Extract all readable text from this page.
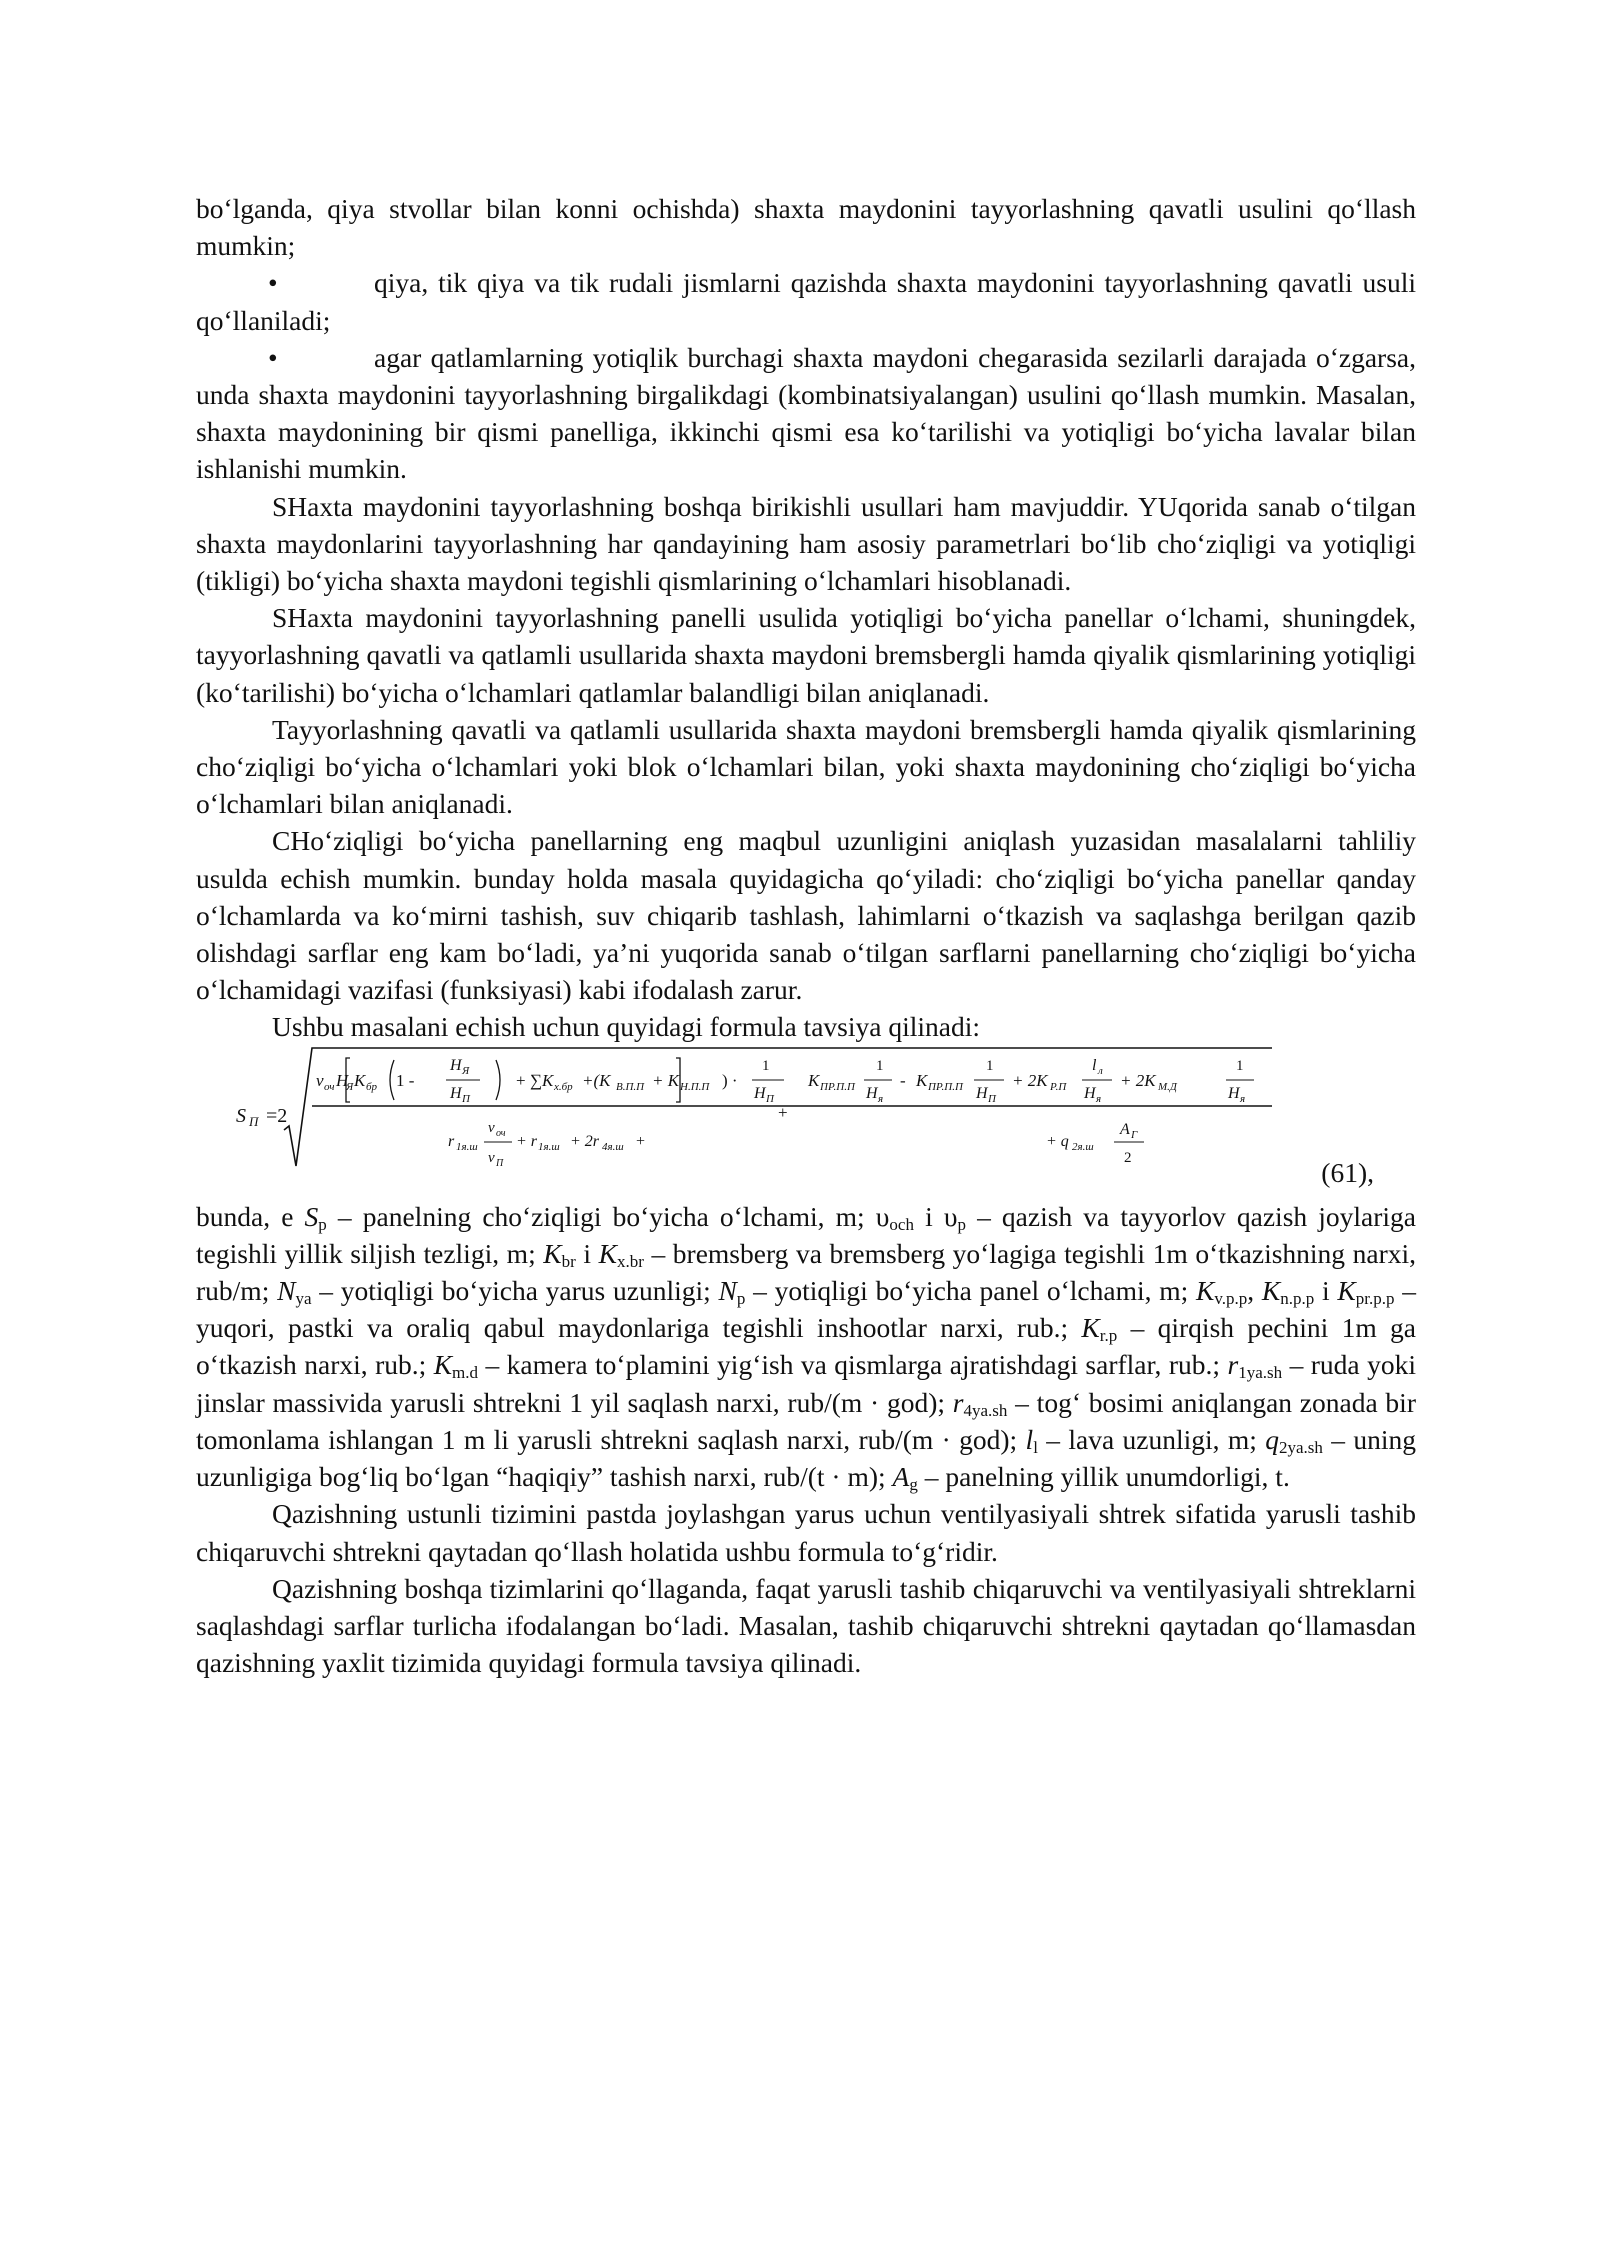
bo‘lganda, qiya stvollar bilan konni ochishda) shaxta maydonini tayyorlashning qavatli usulini qo‘llash mumkin;

•	qiya, tik qiya va tik rudali jismlarni qazishda shaxta maydonini tayyorlashning qavatli usuli qo‘llaniladi;
•	agar qatlamlarning yotiqlik burchagi shaxta maydoni chegarasida sezilarli darajada o‘zgarsa, unda shaxta maydonini tayyorlashning birgalikdagi (kombinatsiyalangan) usulini qo‘llash mumkin. Masalan, shaxta maydonining bir qismi panelliga, ikkinchi qismi esa ko‘tarilishi va yotiqligi bo‘yicha lavalar bilan ishlanishi mumkin.

SHaxta maydonini tayyorlashning boshqa birikishli usullari ham mavjuddir. YUqorida sanab o‘tilgan shaxta maydonlarini tayyorlashning har qandayining ham asosiy parametrlari bo‘lib cho‘ziqligi va yotiqligi (tikligi) bo‘yicha shaxta maydoni tegishli qismlarining o‘lchamlari hisoblanadi.

SHaxta maydonini tayyorlashning panelli usulida yotiqligi bo‘yicha panellar o‘lchami, shuningdek, tayyorlashning qavatli va qatlamli usullarida shaxta maydoni bremsbergli hamda qiyalik qismlarining yotiqligi (ko‘tarilishi) bo‘yicha o‘lchamlari qatlamlar balandligi bilan aniqlanadi.

Tayyorlashning qavatli va qatlamli usullarida shaxta maydoni bremsbergli hamda qiyalik qismlarining cho‘ziqligi bo‘yicha o‘lchamlari yoki blok o‘lchamlari bilan, yoki shaxta maydonining cho‘ziqligi bo‘yicha o‘lchamlari bilan aniqlanadi.

CHo‘ziqligi bo‘yicha panellarning eng maqbul uzunligini aniqlash yuzasidan masalalarni tahliliy usulda echish mumkin. bunday holda masala quyidagicha qo‘yiladi: cho‘ziqligi bo‘yicha panellar qanday o‘lchamlarda va ko‘mirni tashish, suv chiqarib tashlash, lahimlarni o‘tkazish va saqlashga berilgan qazib olishdagi sarflar eng kam bo‘ladi, ya’ni yuqorida sanab o‘tilgan sarflarni panellarning cho‘ziqligi bo‘yicha o‘lchamidagi vazifasi (funksiyasi) kabi ifodalash zarur.

Ushbu masalani echish uchun quyidagi formula tavsiya qilinadi:

S П =2
v оч H
Я K бр 1 -
H Я
H П
+ ∑ K х.бр +(K В.П.П + K Н.П.П ) ·
1
H П
+
K ПР.П.П
1
H я
- K ПР.П.П
1
H П
+ 2K Р.П
l л
H я
+ 2K М.Д
1
H я
r 1я.ш
v оч
v П
+ r 1я.ш + 2r 4я.ш +	+ q 2я.ш
A Г
2	(61),

bunda, e $S_p$ – panelning cho‘ziqligi bo‘yicha o‘lchami, m; $\upsilon_{och}$ i $\upsilon_p$ – qazish va tayyorlov qazish joylariga tegishli yillik siljish tezligi, m; $K_{br}$ i $K_{x.br}$ – bremsberg va bremsberg yo‘lagiga tegishli 1m o‘tkazishning narxi, rub/m; $N_{ya}$ – yotiqligi bo‘yicha yarus uzunligi; $N_p$ – yotiqligi bo‘yicha panel o‘lchami, m; $K_{v.p.p}$, $K_{n.p.p}$ i $K_{pr.p.p}$ – yuqori, pastki va oraliq qabul maydonlariga tegishli inshootlar narxi, rub.; $K_{r.p}$ – qirqish pechini 1m ga o‘tkazish narxi, rub.; $K_{m.d}$ – kamera to‘plamini yig‘ish va qismlarga ajratishdagi sarflar, rub.; $r_{1ya.sh}$ – ruda yoki jinslar massivida yarusli shtrekni 1 yil saqlash narxi, rub/(m · god); $r_{4ya.sh}$ – tog‘ bosimi aniqlangan zonada bir tomonlama ishlangan 1 m li yarusli shtrekni saqlash narxi, rub/(m · god); $l_l$ – lava uzunligi, m; $q_{2ya.sh}$ – uning uzunligiga bog‘liq bo‘lgan “haqiqiy” tashish narxi, rub/(t · m); $A_g$ – panelning yillik unumdorligi, t.

Qazishning ustunli tizimini pastda joylashgan yarus uchun ventilyasiyali shtrek sifatida yarusli tashib chiqaruvchi shtrekni qaytadan qo‘llash holatida ushbu formula to‘g‘ridir.

Qazishning boshqa tizimlarini qo‘llaganda, faqat yarusli tashib chiqaruvchi va ventilyasiyali shtreklarni saqlashdagi sarflar turlicha ifodalangan bo‘ladi. Masalan, tashib chiqaruvchi shtrekni qaytadan qo‘llamasdan qazishning yaxlit tizimida quyidagi formula tavsiya qilinadi.
